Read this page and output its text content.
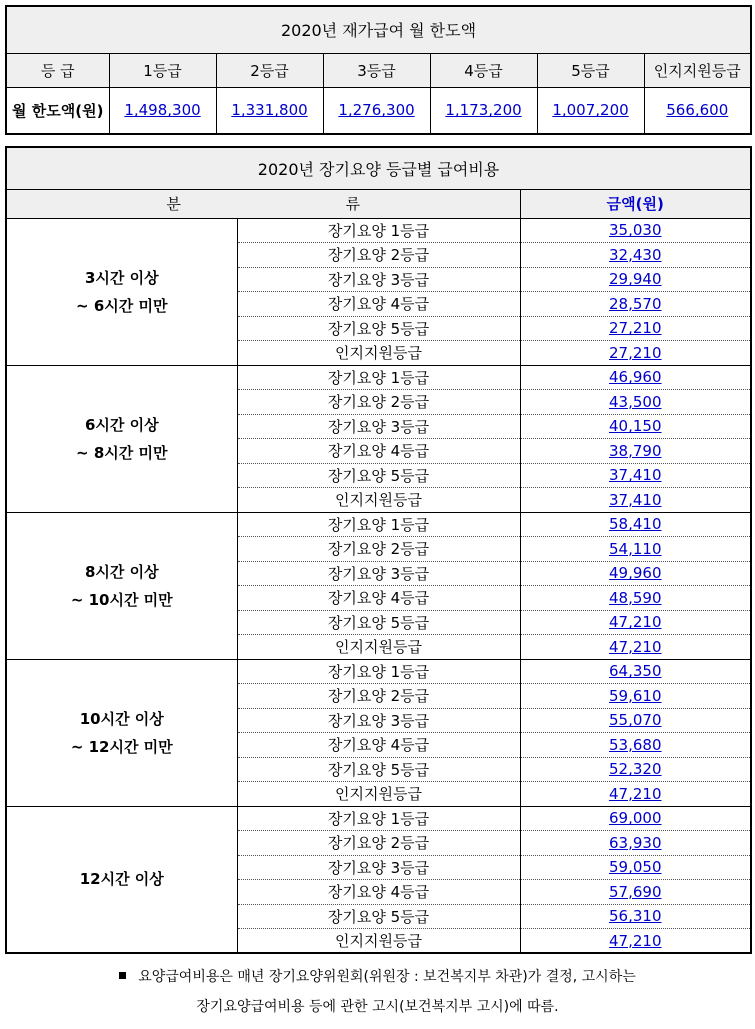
2020년 재가급여 월 한도액						
등 급	1등급	2등급	3등급	4등급	5등급	인지지원등급
월 한도액(원)	1,498,300	1,331,800	1,276,300	1,173,200	1,007,200	566,600
2020년 장기요양 등급별 급여비용		
분 류		금액(원)

3시간 이상
~ 6시간 미만	장기요양 1등급	35,030
	장기요양 2등급	32,430
	장기요양 3등급	29,940
	장기요양 4등급	28,570
	장기요양 5등급	27,210
	인지지원등급	27,210

6시간 이상
~ 8시간 미만	장기요양 1등급	46,960
	장기요양 2등급	43,500
	장기요양 3등급	40,150
	장기요양 4등급	38,790
	장기요양 5등급	37,410
	인지지원등급	37,410

8시간 이상
~ 10시간 미만	장기요양 1등급	58,410
	장기요양 2등급	54,110
	장기요양 3등급	49,960
	장기요양 4등급	48,590
	장기요양 5등급	47,210
	인지지원등급	47,210

10시간 이상
~ 12시간 미만	장기요양 1등급	64,350
	장기요양 2등급	59,610
	장기요양 3등급	55,070
	장기요양 4등급	53,680
	장기요양 5등급	52,320
	인지지원등급	47,210

12시간 이상	장기요양 1등급	69,000
	장기요양 2등급	63,930
	장기요양 3등급	59,050
	장기요양 4등급	57,690
	장기요양 5등급	56,310
	인지지원등급	47,210
요양급여비용은 매년 장기요양위원회(위원장 : 보건복지부 차관)가 결정, 고시하는
장기요양급여비용 등에 관한 고시(보건복지부 고시)에 따름.
